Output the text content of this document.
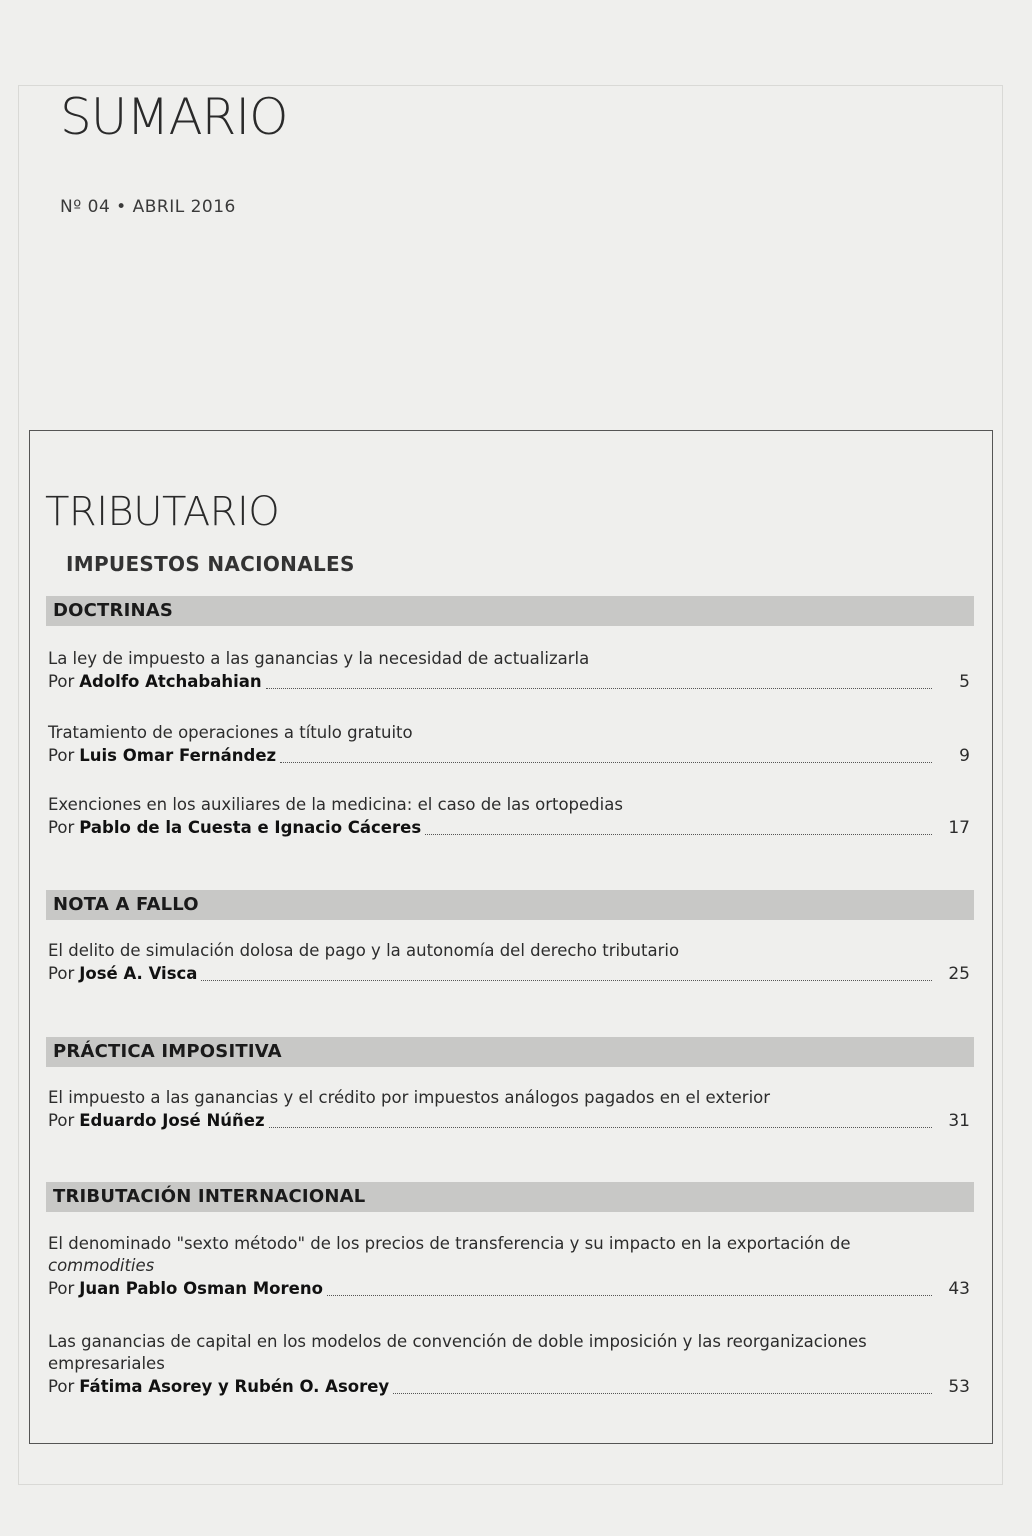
SUMARIO
Nº 04 • ABRIL 2016
TRIBUTARIO
IMPUESTOS NACIONALES
DOCTRINAS
La ley de impuesto a las ganancias y la necesidad de actualizarla
Por Adolfo Atchabahian	5
Tratamiento de operaciones a título gratuito
Por Luis Omar Fernández	9
Exenciones en los auxiliares de la medicina: el caso de las ortopedias
Por Pablo de la Cuesta e Ignacio Cáceres	17
NOTA A FALLO
El delito de simulación dolosa de pago y la autonomía del derecho tributario
Por José A. Visca	25
PRÁCTICA IMPOSITIVA
El impuesto a las ganancias y el crédito por impuestos análogos pagados en el exterior
Por Eduardo José Núñez	31
TRIBUTACIÓN INTERNACIONAL
El denominado "sexto método" de los precios de transferencia y su impacto en la exportación de
commodities
Por Juan Pablo Osman Moreno	43
Las ganancias de capital en los modelos de convención de doble imposición y las reorganizaciones
empresariales
Por Fátima Asorey y Rubén O. Asorey	53
